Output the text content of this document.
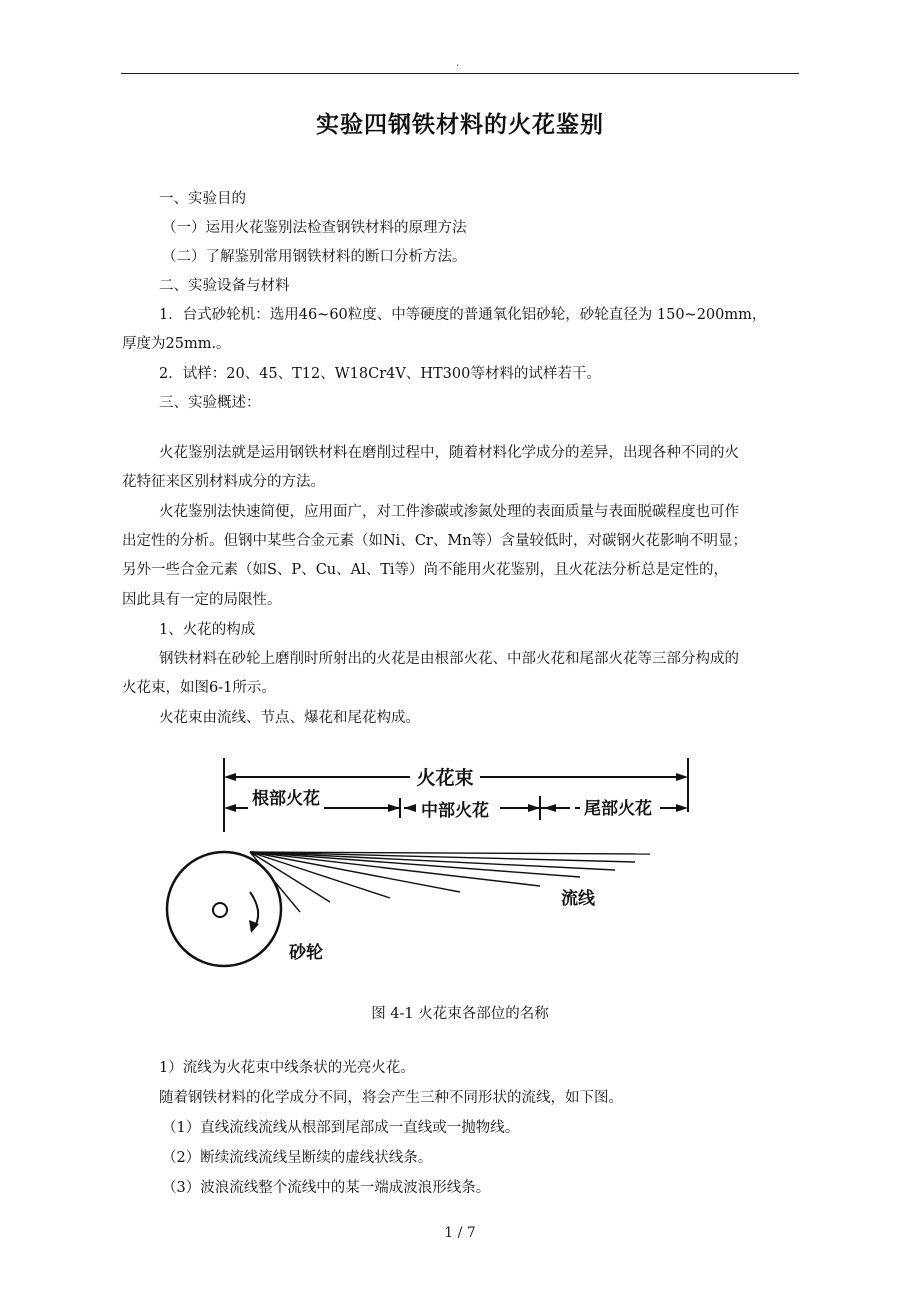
.
实验四钢铁材料的火花鉴别
一、实验目的
（一）运用火花鉴别法检查钢铁材料的原理方法
（二）了解鉴别常用钢铁材料的断口分析方法。
二、实验设备与材料
1．台式砂轮机：选用46~60粒度、中等硬度的普通氧化铝砂轮，砂轮直径为 150~200mm，
厚度为25mm.。
2．试样：20、45、T12、W18Cr4V、HT300等材料的试样若干。
三、实验概述：
火花鉴别法就是运用钢铁材料在磨削过程中，随着材料化学成分的差异，出现各种不同的火
花特征来区别材料成分的方法。
火花鉴别法快速简便，应用面广，对工件渗碳或渗氮处理的表面质量与表面脱碳程度也可作
出定性的分析。但钢中某些合金元素（如Ni、Cr、Mn等）含量较低时，对碳钢火花影响不明显；
另外一些合金元素（如S、P、Cu、Al、Ti等）尚不能用火花鉴别，且火花法分析总是定性的，
因此具有一定的局限性。
1、火花的构成
钢铁材料在砂轮上磨削时所射出的火花是由根部火花、中部火花和尾部火花等三部分构成的
火花束，如图6-1所示。
火花束由流线、节点、爆花和尾花构成。
火花束
根部火花
中部火花	尾部火花
流线
砂轮
图 4-1 火花束各部位的名称
1）流线为火花束中线条状的光亮火花。
随着钢铁材料的化学成分不同，将会产生三种不同形状的流线，如下图。
（1）直线流线流线从根部到尾部成一直线或一抛物线。
（2）断续流线流线呈断续的虚线状线条。
（3）波浪流线整个流线中的某一端成波浪形线条。
1 / 7
